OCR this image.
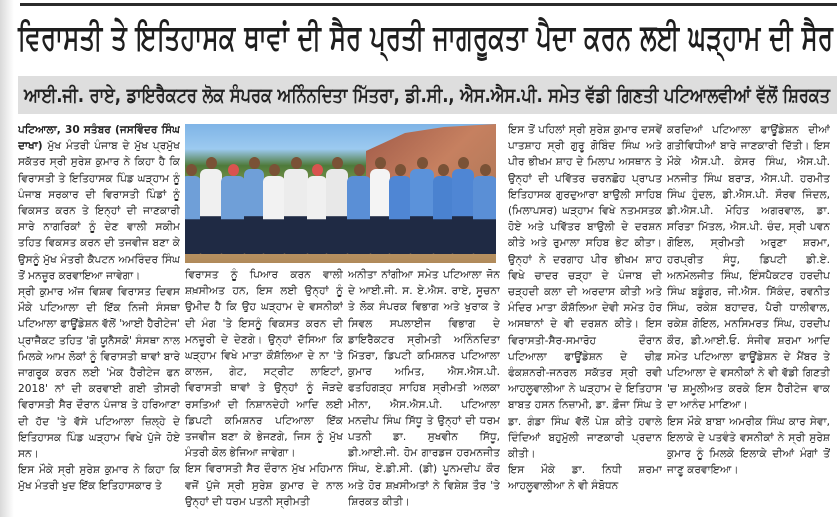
ਵਿਰਾਸਤੀ ਤੇ ਇਤਿਹਾਸਕ ਥਾਵਾਂ ਦੀ ਸੈਰ ਪ੍ਰਤੀ ਜਾਗਰੂਕਤਾ ਪੈਦਾ ਕਰਨ ਲਈ ਘੜ੍ਹਾਮ ਦੀ ਸੈਰ
ਆਈ.ਜੀ. ਰਾਏ, ਡਾਇਰੈਕਟਰ ਲੋਕ ਸੰਪਰਕ ਅਨਿੰਨਦਿਤਾ ਮਿੱਤਰਾ, ਡੀ.ਸੀ., ਐਸ.ਐਸ.ਪੀ. ਸਮੇਤ ਵੱਡੀ ਗਿਣਤੀ ਪਟਿਆਲਵੀਆਂ ਵੱਲੋਂ ਸ਼ਿਰਕਤ

ਪਟਿਆਲਾ, 30 ਸਤੰਬਰ (ਜਸਵਿੰਦਰ ਸਿੰਘ ਦਾਖਾ) ਮੁੱਖ ਮੰਤਰੀ ਪੰਜਾਬ ਦੇ ਮੁੱਖ ਪ੍ਰਮੁੱਖ ਸਕੱਤਰ ਸ੍ਰੀ ਸੁਰੇਸ਼ ਕੁਮਾਰ ਨੇ ਕਿਹਾ ਹੈ ਕਿ ਵਿਰਾਸਤੀ ਤੇ ਇਤਿਹਾਸਕ ਪਿੰਡ ਘੜ੍ਹਾਮ ਨੂੰ ਪੰਜਾਬ ਸਰਕਾਰ ਦੀ ਵਿਰਾਸਤੀ ਪਿੰਡਾਂ ਨੂੰ ਵਿਕਸਤ ਕਰਨ ਤੇ ਇਨ੍ਹਾਂ ਦੀ ਜਾਣਕਾਰੀ ਸਾਰੇ ਨਾਗਰਿਕਾਂ ਨੂੰ ਦੇਣ ਵਾਲੀ ਸਕੀਮ ਤਹਿਤ ਵਿਕਸਤ ਕਰਨ ਦੀ ਤਜਵੀਜ ਬਣਾ ਕੇ ਉਸਨੂੰ ਮੁੱਖ ਮੰਤਰੀ ਕੈਪਟਨ ਅਮਰਿੰਦਰ ਸਿੰਘ ਤੋਂ ਮਨਜ਼ੂਰ ਕਰਵਾਇਆ ਜਾਵੇਗਾ।

ਸ੍ਰੀ ਕੁਮਾਰ ਅੱਜ ਵਿਸ਼ਵ ਵਿਰਾਸਤ ਦਿਵਸ ਮੌਕੇ ਪਟਿਆਲਾ ਦੀ ਇੱਕ ਨਿਜੀ ਸੰਸਥਾ ਪਟਿਆਲਾ ਫਾਊਂਡੇਸ਼ਨ ਵੱਲੋਂ 'ਆਈ ਹੈਰੀਟੇਜ' ਪ੍ਰਾਜੈਕਟ ਤਹਿਤ 'ਗੋ ਯੂਨੈਸਕੋ' ਸੰਸਥਾ ਨਾਲ ਮਿਲਕੇ ਆਮ ਲੋਕਾਂ ਨੂੰ ਵਿਰਾਸਤੀ ਥਾਵਾਂ ਬਾਰੇ ਜਾਗਰੂਕ ਕਰਨ ਲਈ 'ਮੇਕ ਹੈਰੀਟੇਜ ਫਨ 2018' ਨਾਂ ਦੀ ਕਰਵਾਈ ਗਈ ਤੀਸਰੀ ਵਿਰਾਸਤੀ ਸੈਰ ਦੌਰਾਨ ਪੰਜਾਬ ਤੇ ਹਰਿਆਣਾ ਦੀ ਹੱਦ 'ਤੇ ਵੱਸੇ ਪਟਿਆਲਾ ਜ਼ਿਲ੍ਹੇ ਦੇ ਇਤਿਹਾਸਕ ਪਿੰਡ ਘੜ੍ਹਾਮ ਵਿਖੇ ਪੁੱਜੇ ਹੋਏ ਸਨ।

ਇਸ ਮੌਕੇ ਸ੍ਰੀ ਸੁਰੇਸ਼ ਕੁਮਾਰ ਨੇ ਕਿਹਾ ਕਿ ਮੁੱਖ ਮੰਤਰੀ ਖੁਦ ਇੱਕ ਇਤਿਹਾਸਕਾਰ ਤੇ

ਵਿਰਾਸਤ ਨੂੰ ਪਿਆਰ ਕਰਨ ਵਾਲੀ ਸ਼ਖ਼ਸੀਅਤ ਹਨ, ਇਸ ਲਈ ਉਨ੍ਹਾਂ ਨੂੰ ਉਮੀਦ ਹੈ ਕਿ ਉਹ ਘੜ੍ਹਾਮ ਦੇ ਵਸਨੀਕਾਂ ਦੀ ਮੰਗ 'ਤੇ ਇਸਨੂੰ ਵਿਕਸਤ ਕਰਨ ਦੀ ਮਨਜ਼ੂਰੀ ਦੇ ਦੇਣਗੇ। ਉਨ੍ਹਾਂ ਦੱਸਿਆ ਕਿ ਘੜ੍ਹਾਮ ਵਿਖੇ ਮਾਤਾ ਕੌਸ਼ੱਲਿਆ ਦੇ ਨਾ 'ਤੇ ਕਾਲਜ, ਗੇਟ, ਸਟ੍ਰੀਟ ਲਾਇਟਾਂ, ਵਿਰਾਸਤੀ ਥਾਵਾਂ ਤੇ ਉਨ੍ਹਾਂ ਨੂੰ ਜੋੜਦੇ ਰਸਤਿਆਂ ਦੀ ਨਿਸ਼ਾਨਦੇਹੀ ਆਦਿ ਲਈ ਡਿਪਟੀ ਕਮਿਸ਼ਨਰ ਪਟਿਆਲਾ ਇੱਕ ਤਜਵੀਜ ਬਣਾ ਕੇ ਭੇਜਣਗੇ, ਜਿਸ ਨੂੰ ਮੁੱਖ ਮੰਤਰੀ ਕੋਲ ਭੇਜਿਆ ਜਾਵੇਗਾ।

ਇਸ ਵਿਰਾਸਤੀ ਸੈਰ ਦੌਰਾਨ ਮੁੱਖ ਮਹਿਮਾਨ ਵਜੋਂ ਪੁੱਜੇ ਸ੍ਰੀ ਸੁਰੇਸ਼ ਕੁਮਾਰ ਦੇ ਨਾਲ ਉਨ੍ਹਾਂ ਦੀ ਧਰਮ ਪਤਨੀ ਸ੍ਰੀਮਤੀ

ਅਨੀਤਾ ਨਾਂਗੀਆ ਸਮੇਤ ਪਟਿਆਲਾ ਜੋਨ ਦੇ ਆਈ.ਜੀ. ਸ. ਏ.ਐਸ. ਰਾਏ, ਸੂਚਨਾ ਤੇ ਲੋਕ ਸੰਪਰਕ ਵਿਭਾਗ ਅਤੇ ਖੁਰਾਕ ਤੇ ਸਿਵਲ ਸਪਲਾਈਜ ਵਿਭਾਗ ਦੇ ਡਾਇਰੈਕਟਰ ਸ੍ਰੀਮਤੀ ਅਨਿੰਨਦਿਤਾ ਮਿੱਤਰਾ, ਡਿਪਟੀ ਕਮਿਸ਼ਨਰ ਪਟਿਆਲਾ ਕੁਮਾਰ ਅਮਿਤ, ਐਸ.ਐਸ.ਪੀ. ਫਤਹਿਗੜ੍ਹ ਸਾਹਿਬ ਸ੍ਰੀਮਤੀ ਅਲਕਾ ਮੀਨਾ, ਐਸ.ਐਸ.ਪੀ. ਪਟਿਆਲਾ ਮਨਦੀਪ ਸਿੰਘ ਸਿੱਧੂ ਤੇ ਉਨ੍ਹਾਂ ਦੀ ਧਰਮ ਪਤਨੀ ਡਾ. ਸੁਖਵੀਨ ਸਿੱਧੂ, ਡੀ.ਆਈ.ਜੀ. ਹੋਮ ਗਾਰਡਜ ਹਰਮਨਜੀਤ ਸਿੰਘ, ਏ.ਡੀ.ਸੀ. (ਡੀ) ਪੂਨਮਦੀਪ ਕੌਰ ਅਤੇ ਹੋਰ ਸ਼ਖ਼ਸੀਅਤਾਂ ਨੇ ਵਿਸ਼ੇਸ਼ ਤੌਰ 'ਤੇ ਸ਼ਿਰਕਤ ਕੀਤੀ।

ਇਸ ਤੋਂ ਪਹਿਲਾਂ ਸ੍ਰੀ ਸੁਰੇਸ਼ ਕੁਮਾਰ ਦਸਵੇਂ ਪਾਤਸ਼ਾਹ ਸ੍ਰੀ ਗੁਰੂ ਗੋਬਿੰਦ ਸਿੰਘ ਅਤੇ ਪੀਰ ਭੀਖਮ ਸ਼ਾਹ ਦੇ ਮਿਲਾਪ ਅਸਥਾਨ ਤੇ ਉਨ੍ਹਾਂ ਦੀ ਪਵਿੱਤਰ ਚਰਨਛੋਹ ਪ੍ਰਾਪਤ ਇਤਿਹਾਸਕ ਗੁਰਦੁਆਰਾ ਬਾਉਲੀ ਸਾਹਿਬ (ਮਿਲਾਪਸਰ) ਘੜ੍ਹਾਮ ਵਿਖੇ ਨਤਮਸਤਕ ਹੋਏ ਅਤੇ ਪਵਿੱਤਰ ਬਾਉਲੀ ਦੇ ਦਰਸ਼ਨ ਕੀਤੇ ਅਤੇ ਰੁਮਾਲਾ ਸਹਿਬ ਭੇਟ ਕੀਤਾ। ਉਨ੍ਹਾਂ ਨੇ ਦਰਗਾਹ ਪੀਰ ਭੀਖਮ ਸ਼ਾਹ ਵਿਖੇ ਚਾਦਰ ਚੜ੍ਹਾ ਦੇ ਪੰਜਾਬ ਦੀ ਚੜ੍ਹਦੀ ਕਲਾ ਦੀ ਅਰਦਾਸ ਕੀਤੀ ਅਤੇ ਮੰਦਿਰ ਮਾਤਾ ਕੌਸ਼ੱਲਿਆ ਦੇਵੀ ਸਮੇਤ ਹੋਰ ਅਸਥਾਨਾਂ ਦੇ ਵੀ ਦਰਸ਼ਨ ਕੀਤੇ। ਇਸ ਵਿਰਾਸਤੀ-ਸੈਰ-ਸਮਾਰੋਹ ਦੌਰਾਨ ਪਟਿਆਲਾ ਫਾਊਂਡੇਸ਼ਨ ਦੇ ਚੀਫ਼ ਫੰਕਸ਼ਨਰੀ-ਜਨਰਲ ਸਕੱਤਰ ਸ੍ਰੀ ਰਵੀ ਆਹਲੂਵਾਲੀਆ ਨੇ ਘੜ੍ਹਾਮ ਦੇ ਇਤਿਹਾਸ ਬਾਬਤ ਹਸਨ ਨਿਜ਼ਾਮੀ, ਡਾ. ਫ਼ੌਜਾ ਸਿੰਘ ਤੇ ਡਾ. ਗੰਡਾ ਸਿੰਘ ਵੱਲੋਂ ਪੇਸ਼ ਕੀਤੇ ਹਵਾਲੇ ਦਿੰਦਿਆਂ ਬਹੁਮੁੱਲੀ ਜਾਣਕਾਰੀ ਪ੍ਰਦਾਨ ਕੀਤੀ।

ਇਸ ਮੌਕੇ ਡਾ. ਨਿਧੀ ਸ਼ਰਮਾ ਆਹਲੂਵਾਲੀਆ ਨੇ ਵੀ ਸੰਬੋਧਨ

ਕਰਦਿਆਂ ਪਟਿਆਲਾ ਫਾਊਂਡੇਸ਼ਨ ਦੀਆਂ ਗਤੀਵਿਧੀਆਂ ਬਾਰੇ ਜਾਣਕਾਰੀ ਦਿੱਤੀ। ਇਸ ਮੌਕੇ ਐਸ.ਪੀ. ਕੇਸਰ ਸਿੰਘ, ਐਸ.ਪੀ. ਮਨਜੀਤ ਸਿੰਘ ਬਰਾੜ, ਐਸ.ਪੀ. ਹਰਮੀਤ ਸਿੰਘ ਹੁੰਦਲ, ਡੀ.ਐਸ.ਪੀ. ਸੌਰਵ ਜਿੰਦਲ, ਡੀ.ਐਸ.ਪੀ. ਮੋਹਿਤ ਅਗਰਵਾਲ, ਡਾ. ਸਰਿਤਾ ਮਿੱਤਲ, ਐਸ.ਪੀ. ਚੰਦ, ਸ੍ਰੀ ਪਵਨ ਗੋਇਲ, ਸ੍ਰੀਮਤੀ ਅਰੁਣਾ ਸ਼ਰਮਾ, ਹਰਪ੍ਰੀਤ ਸੰਧੂ, ਡਿਪਟੀ ਡੀ.ਏ. ਅਨਮੋਲਜੀਤ ਸਿੰਘ, ਇੰਸਪੈਕਟਰ ਹਰਦੀਪ ਸਿੰਘ ਬਡੂੰਗਰ, ਜੀ.ਐਸ. ਸਿੱਕੰਦ, ਰਵਨੀਤ ਸਿੰਘ, ਰਕੇਸ਼ ਬਹਾਦਰ, ਪੈਰੀ ਧਾਲੀਵਾਲ, ਰਕੇਸ਼ ਗੋਇਲ, ਮਨਸਿਮਰਤ ਸਿੰਘ, ਹਰਦੀਪ ਕੌਰ, ਡੀ.ਆਈ.ਓ. ਸੰਜੀਵ ਸ਼ਰਮਾ ਆਦਿ ਸਮੇਤ ਪਟਿਆਲਾ ਫਾਊਂਡੇਸ਼ਨ ਦੇ ਮੈਂਬਰ ਤੇ ਪਟਿਆਲਾ ਦੇ ਵਸਨੀਕਾਂ ਨੇ ਵੀ ਵੱਡੀ ਗਿਣਤੀ 'ਚ ਸ਼ਮੂਲੀਅਤ ਕਰਕੇ ਇਸ ਹੈਰੀਟੇਜ ਵਾਕ ਦਾ ਆਨੰਦ ਮਾਣਿਆ।

ਇਸ ਮੌਕੇ ਬਾਬਾ ਅਮਰੀਕ ਸਿੰਘ ਕਾਰ ਸੇਵਾ, ਇਲਾਕੇ ਦੇ ਪਤਵੰਤੇ ਵਸਨੀਕਾਂ ਨੇ ਸ੍ਰੀ ਸੁਰੇਸ਼ ਕੁਮਾਰ ਨੂੰ ਮਿਲਕੇ ਇਲਾਕੇ ਦੀਆਂ ਮੰਗਾਂ ਤੋਂ ਜਾਣੂ ਕਰਵਾਇਆ।
